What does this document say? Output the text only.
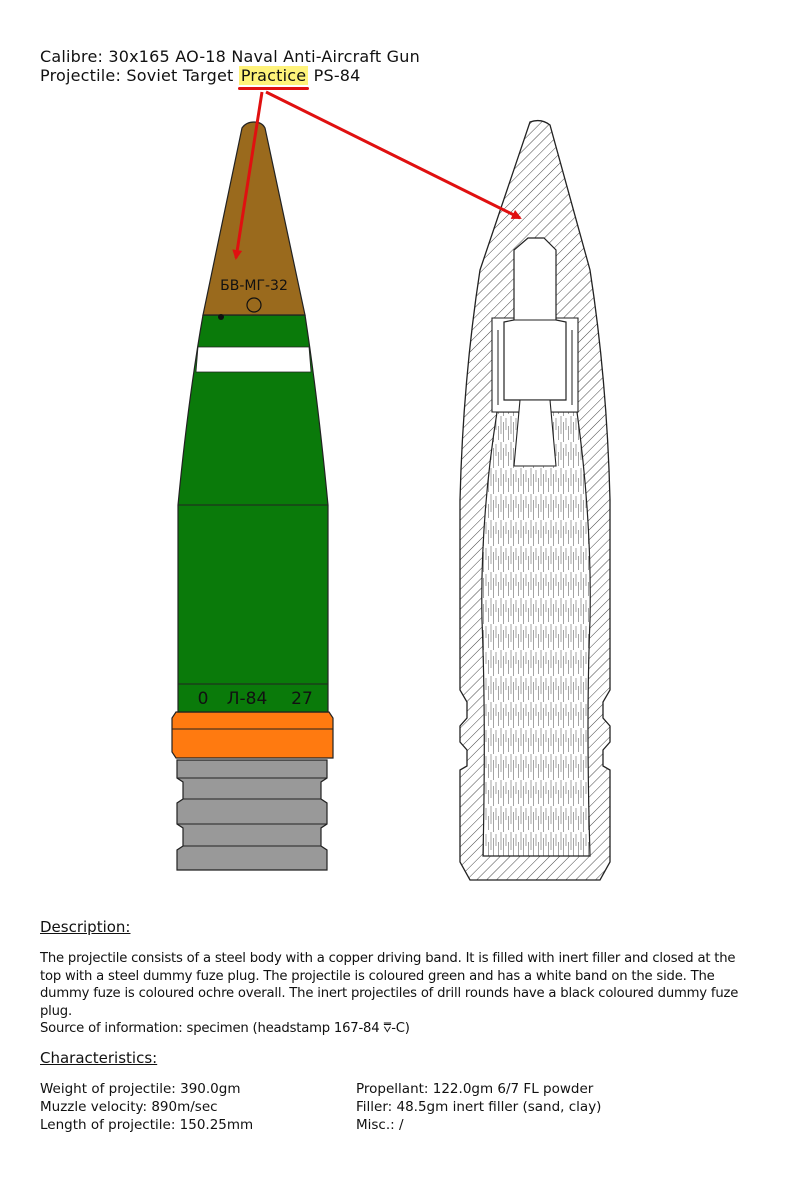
Calibre: 30x165 AO-18 Naval Anti-Aircraft Gun
Projectile: Soviet Target Practice PS-84
БВ-МГ-32
0 Л-84 27

Description:

The projectile consists of a steel body with a copper driving band. It is filled with inert filler and closed at the top with a steel dummy fuze plug. The projectile is coloured green and has a white band on the side. The dummy fuze is coloured ochre overall. The inert projectiles of drill rounds have a black coloured dummy fuze plug.
Source of information: specimen (headstamp 167-84 ⩢-C)

Characteristics:

Weight of projectile: 390.0gm
Muzzle velocity: 890m/sec
Length of projectile: 150.25mm
Propellant: 122.0gm 6/7 FL powder
Filler: 48.5gm inert filler (sand, clay)
Misc.: /
